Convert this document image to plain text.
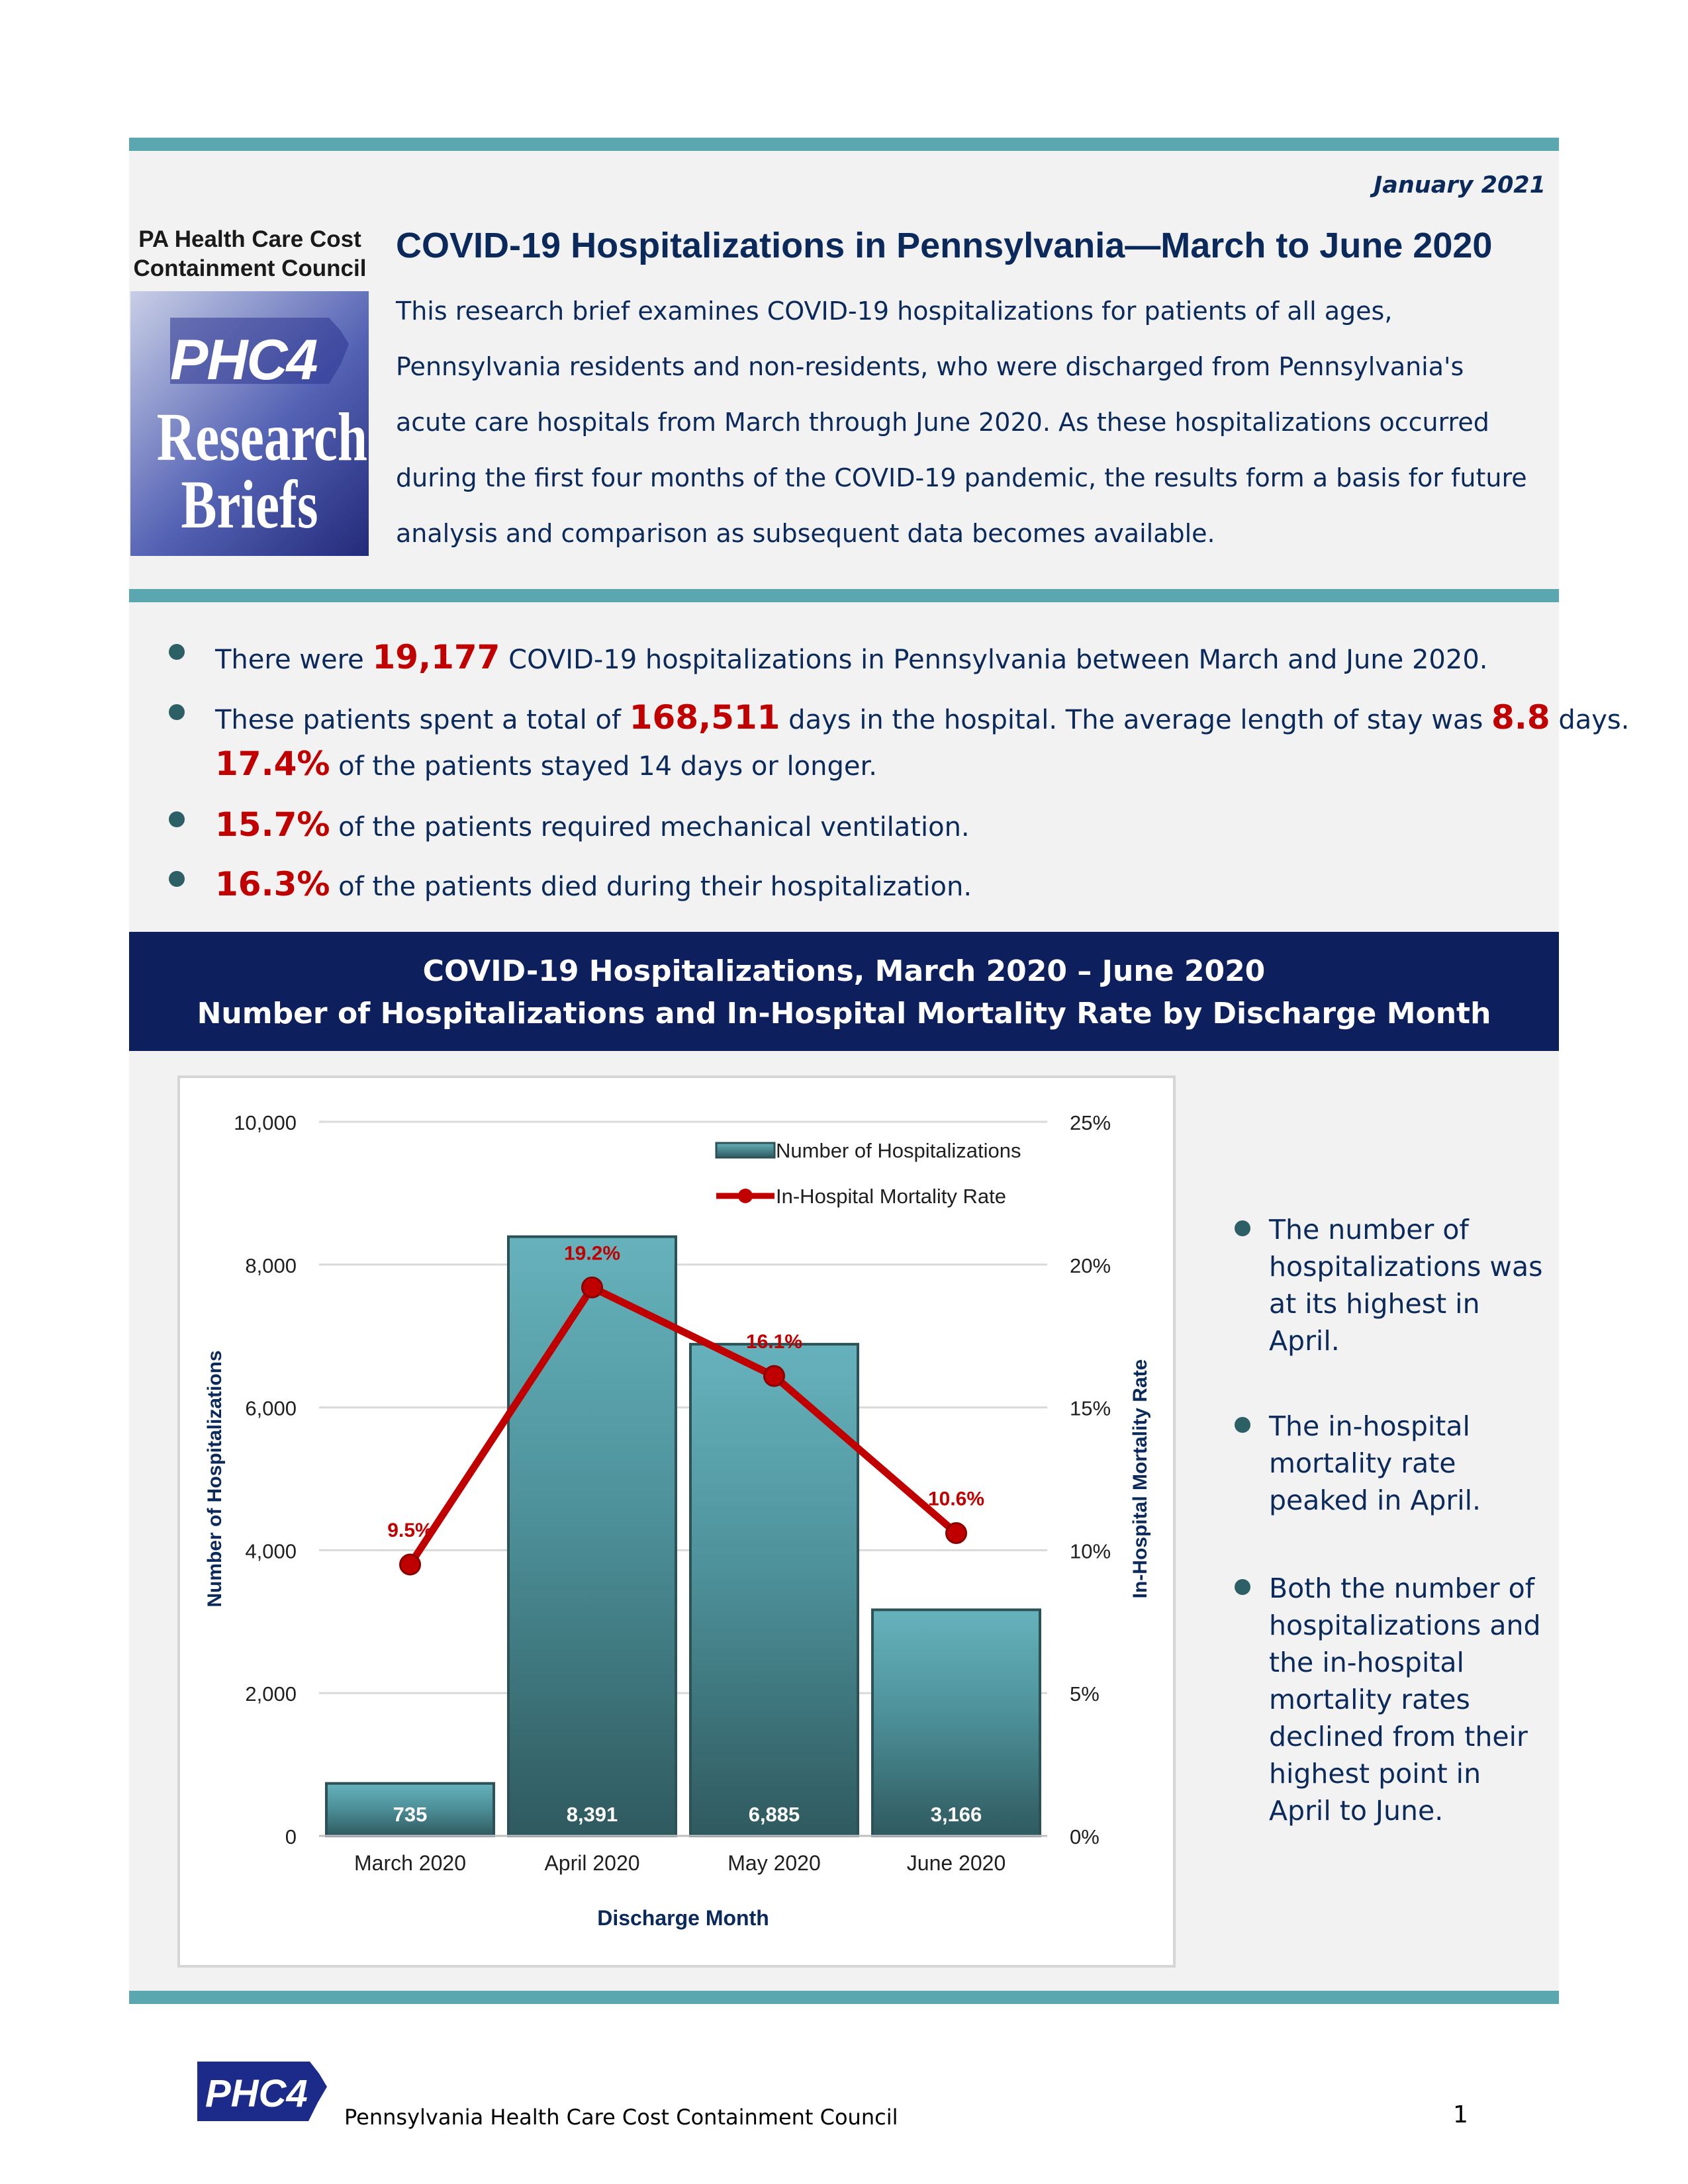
January 2021
PA Health Care Cost Containment Council
PHC4
Research
Briefs
COVID-19 Hospitalizations in Pennsylvania—March to June 2020

This research brief examines COVID-19 hospitalizations for patients of all ages, Pennsylvania residents and non-residents, who were discharged from Pennsylvania's acute care hospitals from March through June 2020. As these hospitalizations occurred during the first four months of the COVID-19 pandemic, the results form a basis for future analysis and comparison as subsequent data becomes available.

There were 19,177 COVID-19 hospitalizations in Pennsylvania between March and June 2020.
These patients spent a total of 168,511 days in the hospital. The average length of stay was 8.8 days.
17.4% of the patients stayed 14 days or longer.
15.7% of the patients required mechanical ventilation.
16.3% of the patients died during their hospitalization.
COVID-19 Hospitalizations, March 2020 – June 2020
Number of Hospitalizations and In-Hospital Mortality Rate by Discharge Month
735	8,391	6,885	3,166
9.5%
19.2%
16.1%
10.6%
0	0%
2,000	5%
4,000	10%
6,000	15%
8,000	20%
10,000	25%
March 2020	April 2020	May 2020	June 2020
Number of Hospitalizations	In-Hospital Mortality Rate
Discharge Month
Number of Hospitalizations
In-Hospital Mortality Rate
The number of hospitalizations was at its highest in April.
The in-hospital mortality rate peaked in April.
Both the number of hospitalizations and the in-hospital mortality rates declined from their highest point in April to June.
PHC4
Pennsylvania Health Care Cost Containment Council	1
